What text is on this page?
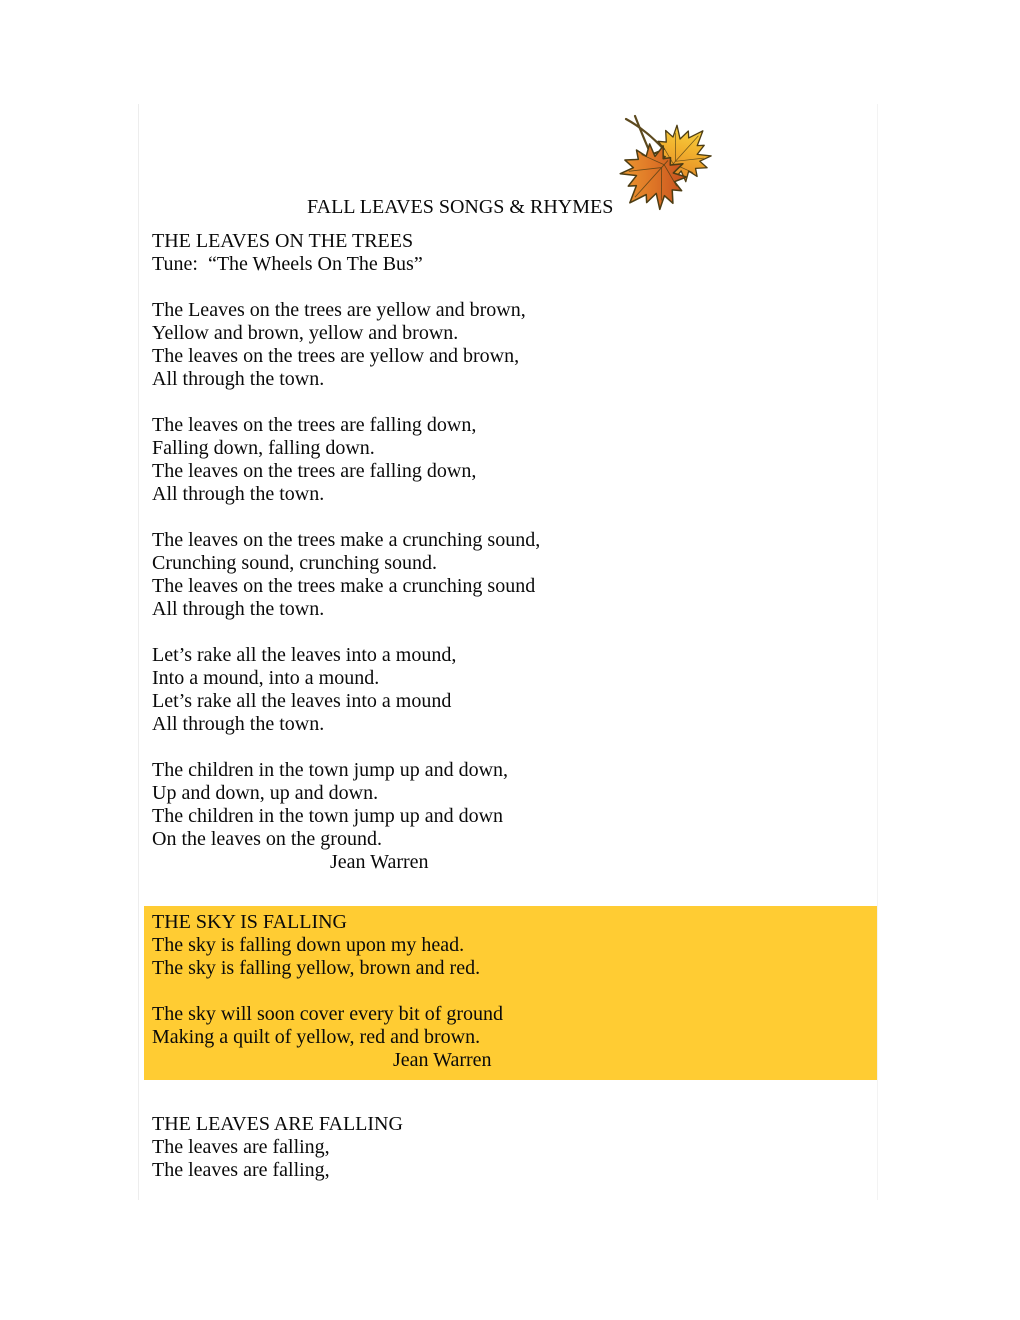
FALL LEAVES SONGS & RHYMES
THE LEAVES ON THE TREES
Tune:  “The Wheels On The Bus”
The Leaves on the trees are yellow and brown,
Yellow and brown, yellow and brown.
The leaves on the trees are yellow and brown,
All through the town.
The leaves on the trees are falling down,
Falling down, falling down.
The leaves on the trees are falling down,
All through the town.
The leaves on the trees make a crunching sound,
Crunching sound, crunching sound.
The leaves on the trees make a crunching sound
All through the town.
Let’s rake all the leaves into a mound,
Into a mound, into a mound.
Let’s rake all the leaves into a mound
All through the town.
The children in the town jump up and down,
Up and down, up and down.
The children in the town jump up and down
On the leaves on the ground.
Jean Warren
THE SKY IS FALLING
The sky is falling down upon my head.
The sky is falling yellow, brown and red.
The sky will soon cover every bit of ground
Making a quilt of yellow, red and brown.
Jean Warren
THE LEAVES ARE FALLING
The leaves are falling,
The leaves are falling,
